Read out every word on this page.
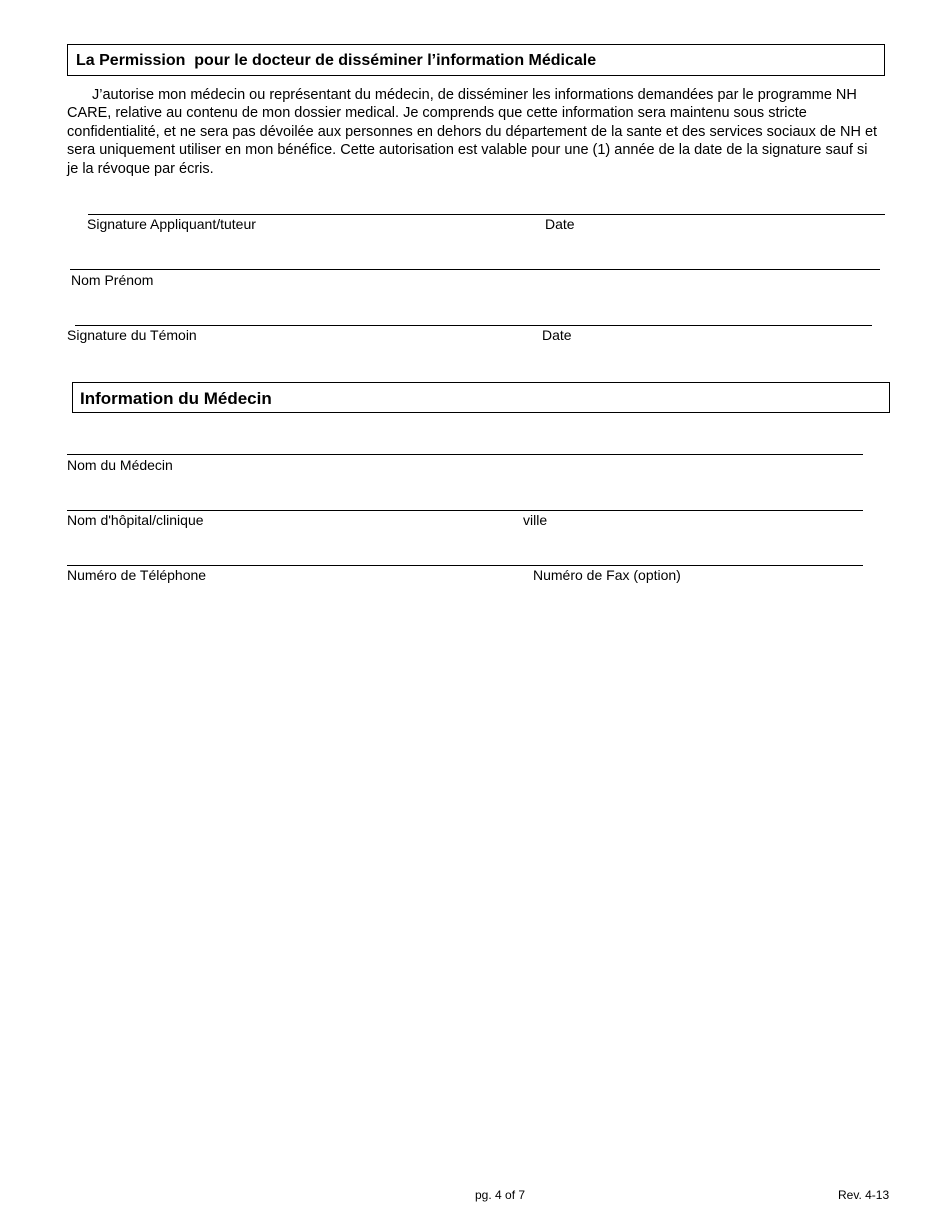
La Permission  pour le docteur de disséminer l’information Médicale
J’autorise mon médecin ou représentant du médecin, de disséminer les informations demandées par le programme NH CARE, relative au contenu de mon dossier medical. Je comprends que cette information sera maintenu sous stricte confidentialité, et ne sera pas dévoilée aux personnes en dehors du département de la sante et des services sociaux de NH et sera uniquement utiliser en mon bénéfice. Cette autorisation est valable pour une (1) année de la date de la signature sauf si je la révoque par écris.
Signature Appliquant/tuteur	Date
Nom Prénom
Signature du Témoin	Date
Information du Médecin
Nom du Médecin
Nom d'hôpital/clinique	ville
Numéro de Téléphone	Numéro de Fax (option)
pg. 4 of 7	Rev. 4-13
